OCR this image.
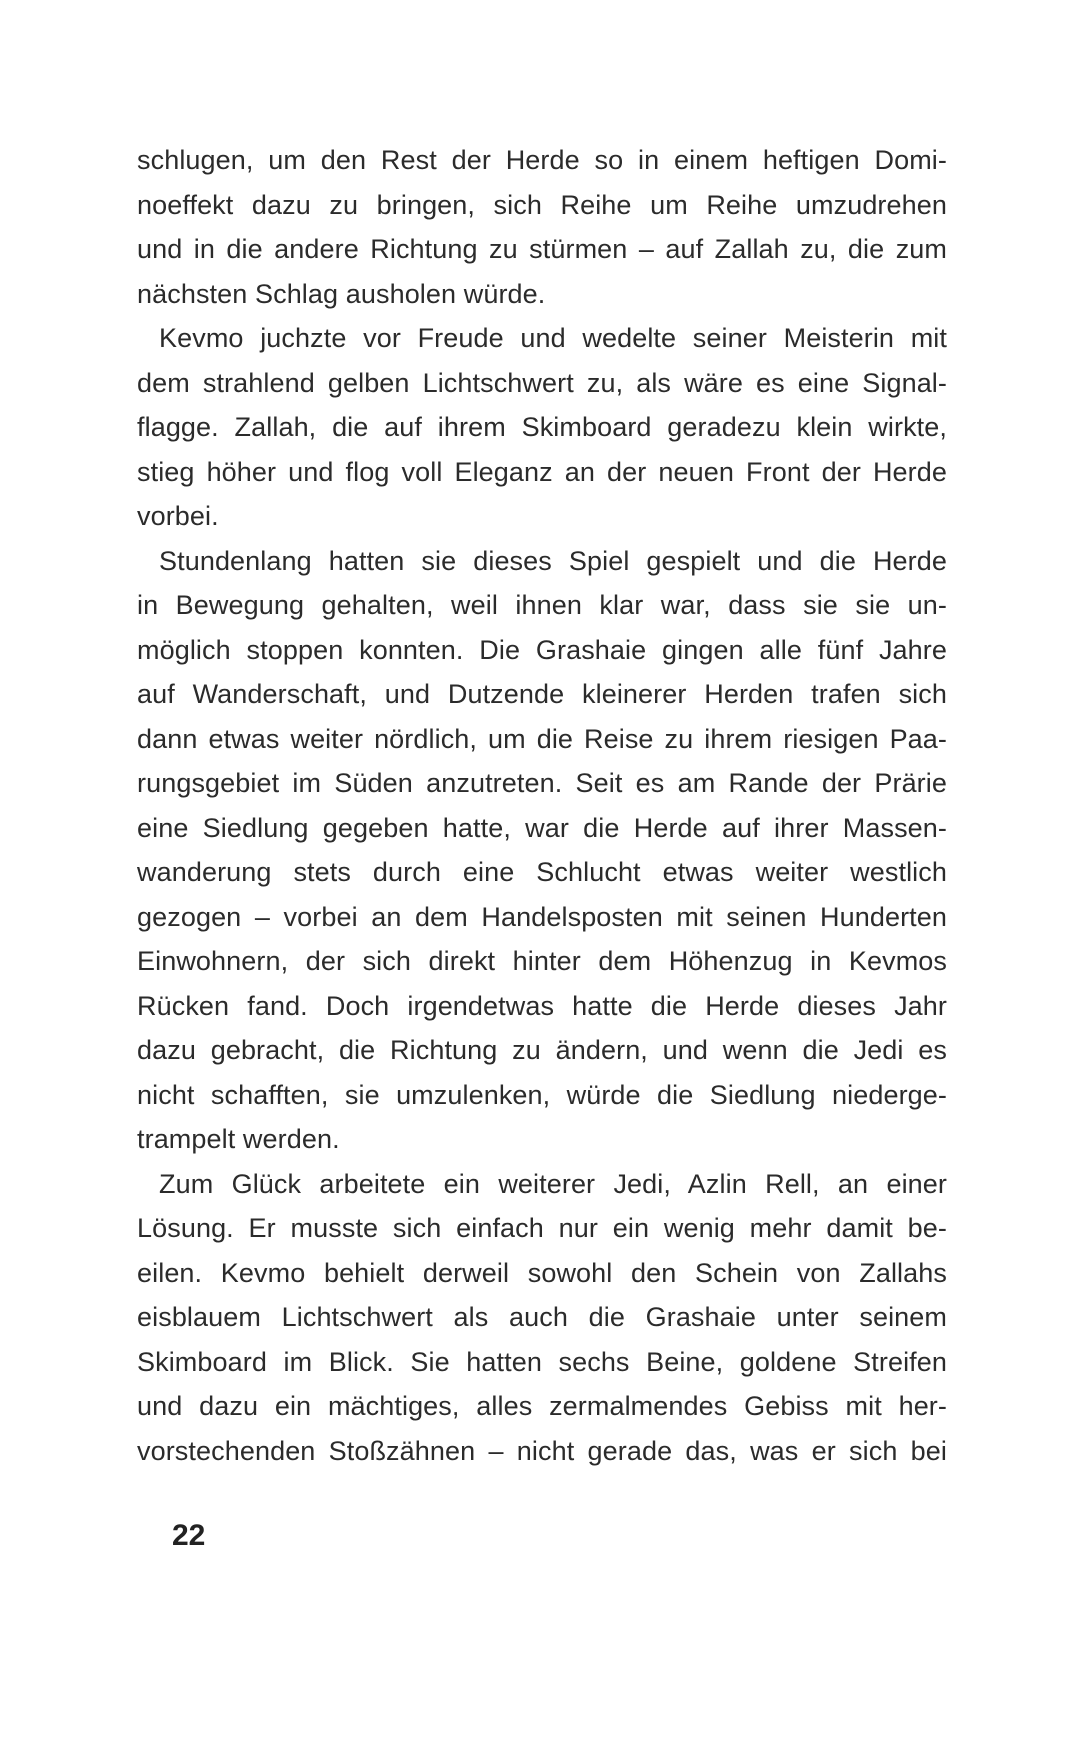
schlugen, um den Rest der Herde so in einem heftigen Domi-
noeffekt dazu zu bringen, sich Reihe um Reihe umzudrehen
und in die andere Richtung zu stürmen – auf Zallah zu, die zum
nächsten Schlag ausholen würde.
Kevmo juchzte vor Freude und wedelte seiner Meisterin mit
dem strahlend gelben Lichtschwert zu, als wäre es eine Signal-
flagge. Zallah, die auf ihrem Skimboard geradezu klein wirkte,
stieg höher und flog voll Eleganz an der neuen Front der Herde
vorbei.
Stundenlang hatten sie dieses Spiel gespielt und die Herde
in Bewegung gehalten, weil ihnen klar war, dass sie sie un-
möglich stoppen konnten. Die Grashaie gingen alle fünf Jahre
auf Wanderschaft, und Dutzende kleinerer Herden trafen sich
dann etwas weiter nördlich, um die Reise zu ihrem riesigen Paa-
rungsgebiet im Süden anzutreten. Seit es am Rande der Prärie
eine Siedlung gegeben hatte, war die Herde auf ihrer Massen-
wanderung stets durch eine Schlucht etwas weiter westlich
gezogen – vorbei an dem Handelsposten mit seinen Hunderten
Einwohnern, der sich direkt hinter dem Höhenzug in Kevmos
Rücken fand. Doch irgendetwas hatte die Herde dieses Jahr
dazu gebracht, die Richtung zu ändern, und wenn die Jedi es
nicht schafften, sie umzulenken, würde die Siedlung niederge-
trampelt werden.
Zum Glück arbeitete ein weiterer Jedi, Azlin Rell, an einer
Lösung. Er musste sich einfach nur ein wenig mehr damit be-
eilen. Kevmo behielt derweil sowohl den Schein von Zallahs
eisblauem Lichtschwert als auch die Grashaie unter seinem
Skimboard im Blick. Sie hatten sechs Beine, goldene Streifen
und dazu ein mächtiges, alles zermalmendes Gebiss mit her-
vorstechenden Stoßzähnen – nicht gerade das, was er sich bei
22
